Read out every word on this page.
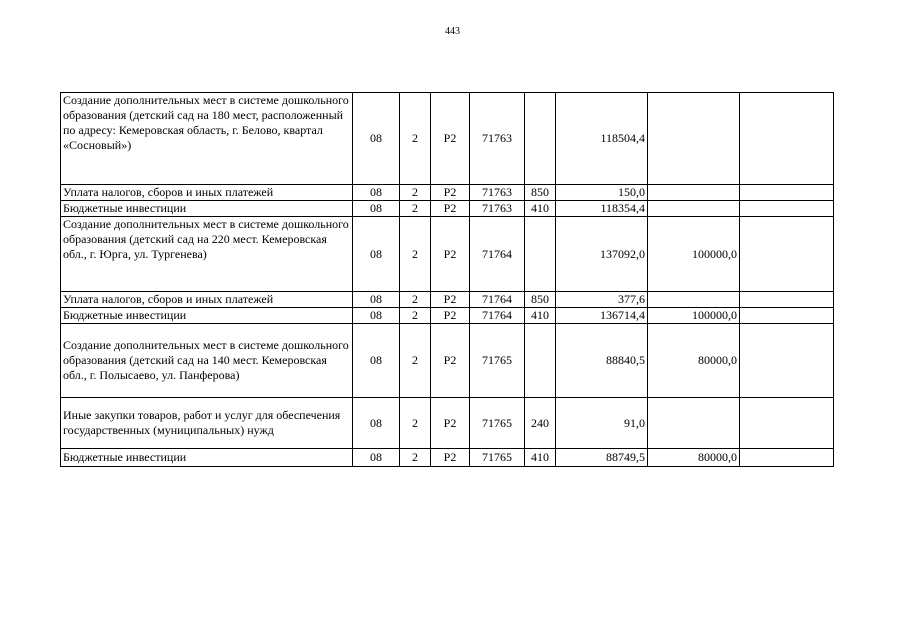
443
Создание дополнительных мест в системе дошкольного образования (детский сад на 180 мест, расположенный по адресу: Кемеровская область, г. Белово, квартал «Сосновый»)	08	2	P2	71763		118504,4		
Уплата налогов, сборов и иных платежей	08	2	P2	71763	850	150,0		
Бюджетные инвестиции	08	2	P2	71763	410	118354,4		
Создание дополнительных мест в системе дошкольного образования (детский сад на 220 мест. Кемеровская обл., г. Юрга, ул. Тургенева)	08	2	P2	71764		137092,0	100000,0	
Уплата налогов, сборов и иных платежей	08	2	P2	71764	850	377,6		
Бюджетные инвестиции	08	2	P2	71764	410	136714,4	100000,0	
Создание дополнительных мест в системе дошкольного образования (детский сад на 140 мест. Кемеровская обл., г. Полысаево, ул. Панферова)	08	2	P2	71765		88840,5	80000,0	
Иные закупки товаров, работ и услуг для обеспечения государственных (муниципальных) нужд	08	2	P2	71765	240	91,0		
Бюджетные инвестиции	08	2	P2	71765	410	88749,5	80000,0	
